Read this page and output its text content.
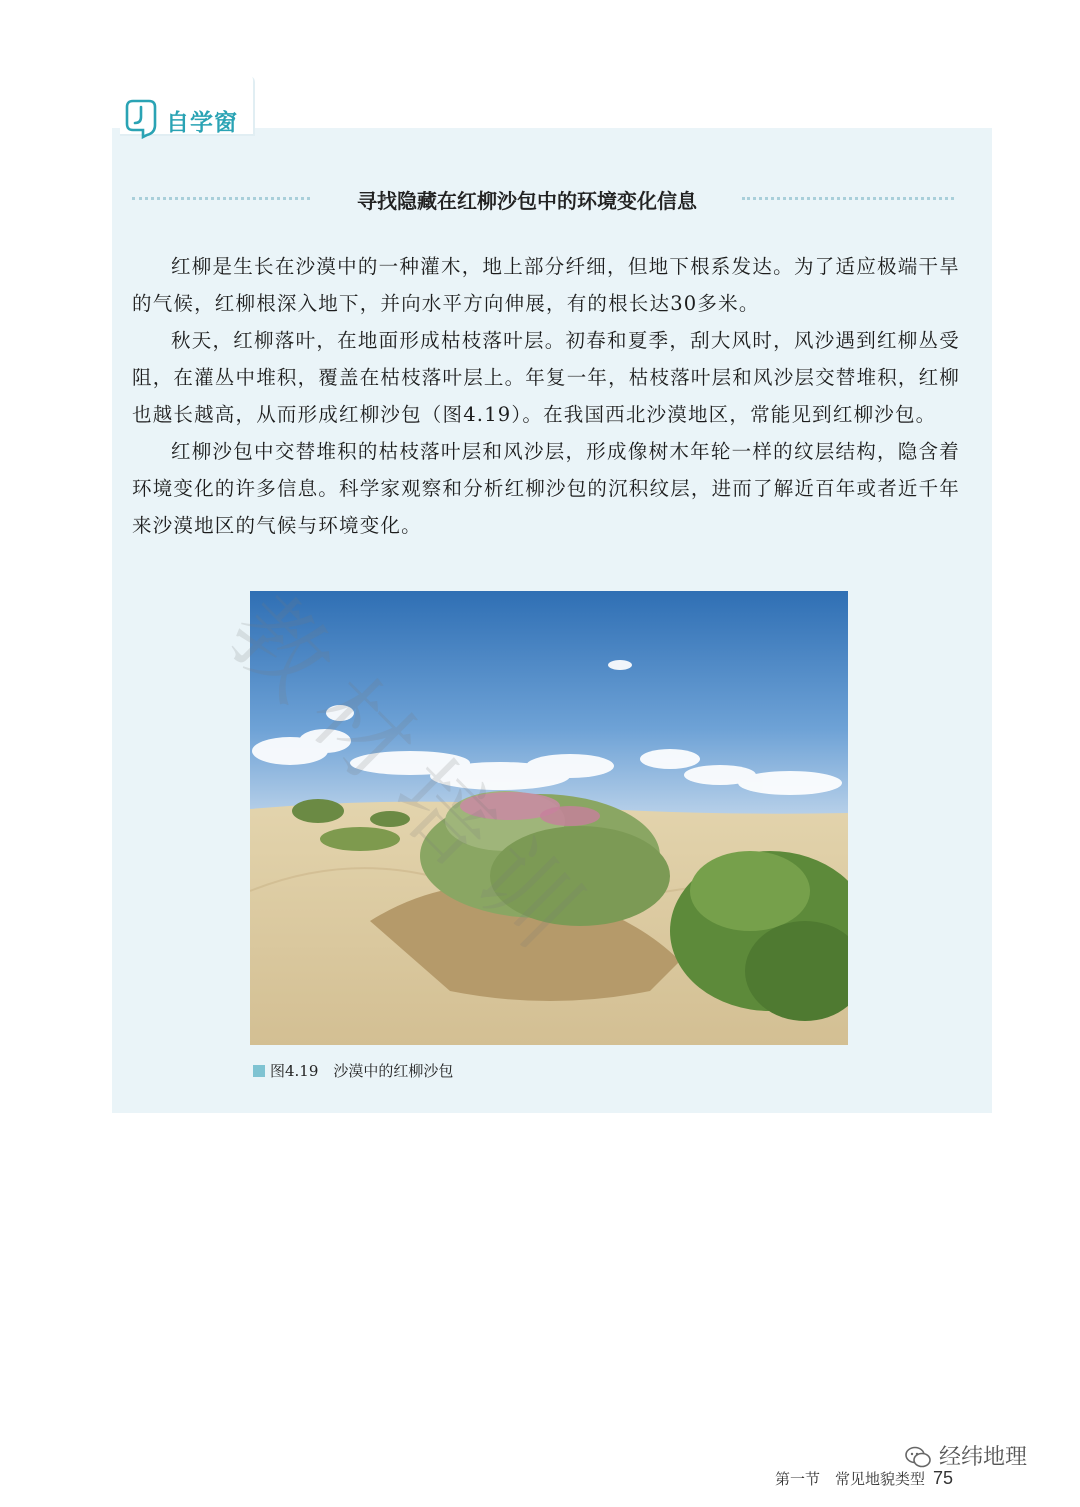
自学窗
寻找隐藏在红柳沙包中的环境变化信息

红柳是生长在沙漠中的一种灌木，地上部分纤细，但地下根系发达。为了适应极端干旱的气候，红柳根深入地下，并向水平方向伸展，有的根长达30多米。

秋天，红柳落叶，在地面形成枯枝落叶层。初春和夏季，刮大风时，风沙遇到红柳丛受阻，在灌丛中堆积，覆盖在枯枝落叶层上。年复一年，枯枝落叶层和风沙层交替堆积，红柳也越长越高，从而形成红柳沙包（图4.19）。在我国西北沙漠地区，常能见到红柳沙包。

红柳沙包中交替堆积的枯枝落叶层和风沙层，形成像树木年轮一样的纹层结构，隐含着环境变化的许多信息。科学家观察和分析红柳沙包的沉积纹层，进而了解近百年或者近千年来沙漠地区的气候与环境变化。

图4.19　沙漠中的红柳沙包
经纬地理
第一节　常见地貌类型 75
